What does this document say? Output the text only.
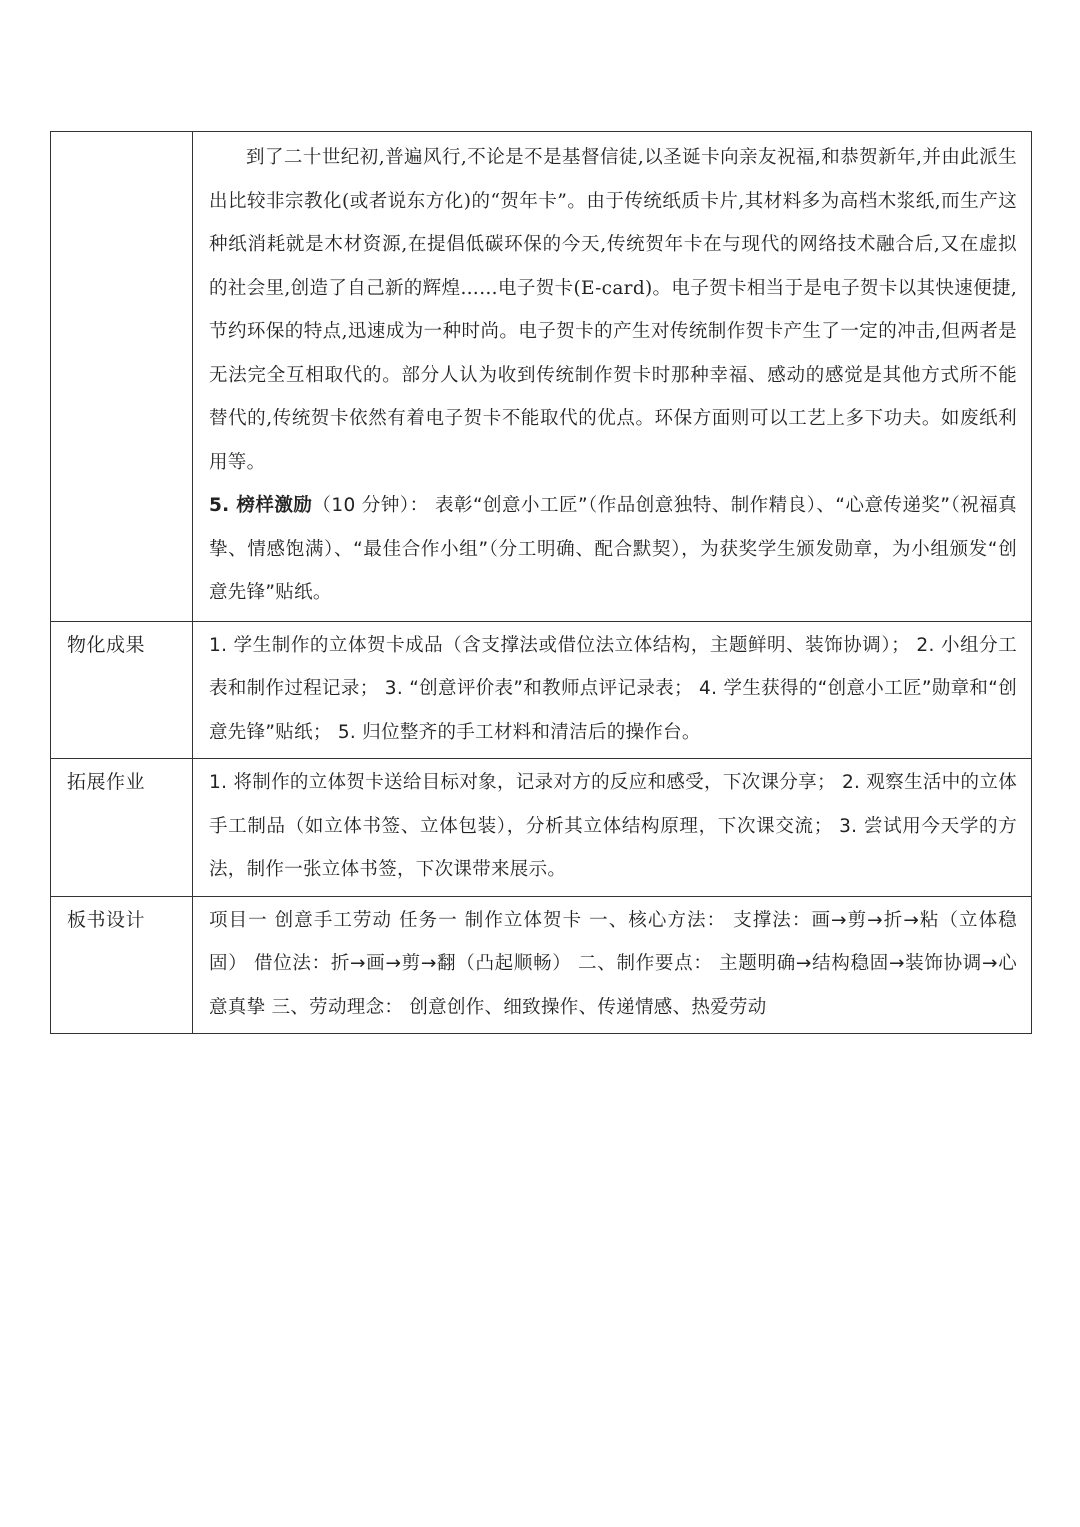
	到了二十世纪初,普遍风行,不论是不是基督信徒,以圣诞卡向亲友祝福,和恭贺新年,并由此派生出比较非宗教化(或者说东方化)的“贺年卡”。由于传统纸质卡片,其材料多为高档木浆纸,而生产这种纸消耗就是木材资源,在提倡低碳环保的今天,传统贺年卡在与现代的网络技术融合后,又在虚拟的社会里,创造了自己新的辉煌……电子贺卡(E-card)。电子贺卡相当于是电子贺卡以其快速便捷,节约环保的特点,迅速成为一种时尚。电子贺卡的产生对传统制作贺卡产生了一定的冲击,但两者是无法完全互相取代的。部分人认为收到传统制作贺卡时那种幸福、感动的感觉是其他方式所不能替代的,传统贺卡依然有着电子贺卡不能取代的优点。环保方面则可以工艺上多下功夫。如废纸利用等。

5. 榜样激励（10 分钟）： 表彰“创意小工匠”（作品创意独特、制作精良）、“心意传递奖”（祝福真挚、情感饱满）、“最佳合作小组”（分工明确、配合默契），为获奖学生颁发勋章，为小组颁发“创意先锋”贴纸。

物化成果	1. 学生制作的立体贺卡成品（含支撑法或借位法立体结构，主题鲜明、装饰协调）； 2. 小组分工表和制作过程记录； 3. “创意评价表”和教师点评记录表； 4. 学生获得的“创意小工匠”勋章和“创意先锋”贴纸； 5. 归位整齐的手工材料和清洁后的操作台。

拓展作业	1. 将制作的立体贺卡送给目标对象，记录对方的反应和感受，下次课分享； 2. 观察生活中的立体手工制品（如立体书签、立体包装），分析其立体结构原理，下次课交流； 3. 尝试用今天学的方法，制作一张立体书签，下次课带来展示。

板书设计	项目一 创意手工劳动 任务一 制作立体贺卡 一、核心方法： 支撑法：画→剪→折→粘（立体稳固） 借位法：折→画→剪→翻（凸起顺畅） 二、制作要点： 主题明确→结构稳固→装饰协调→心意真挚 三、劳动理念： 创意创作、细致操作、传递情感、热爱劳动
